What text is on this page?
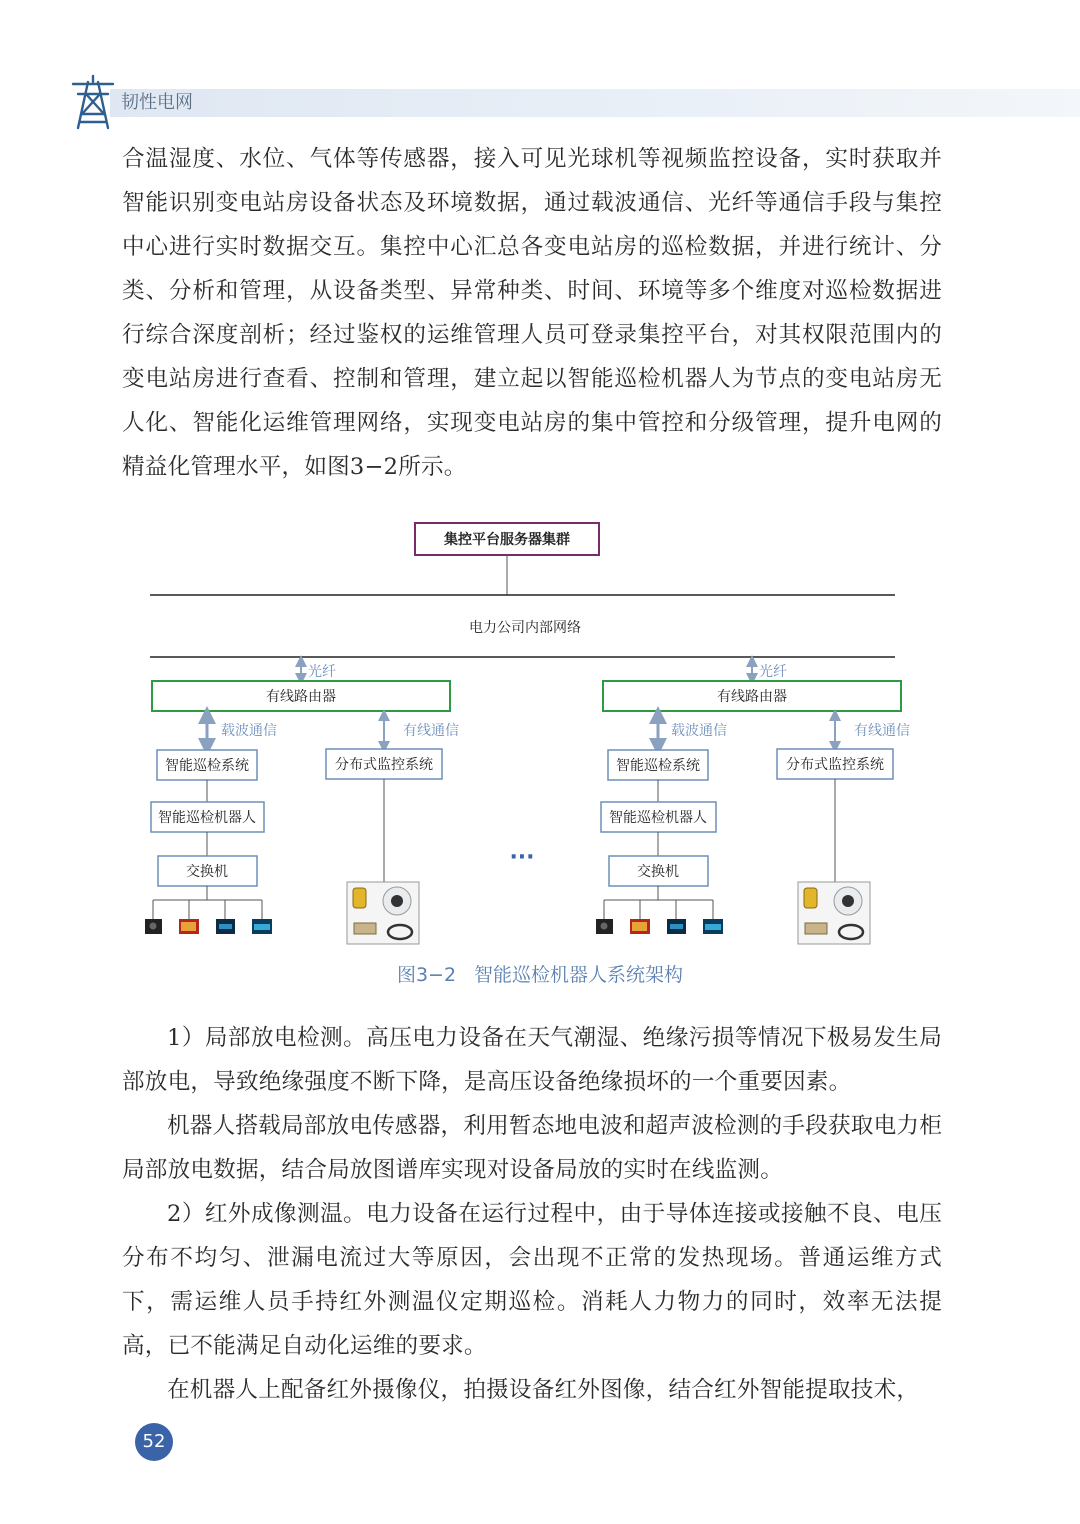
韧性电网

合温湿度、水位、气体等传感器，接入可见光球机等视频监控设备，实时获取并智能识别变电站房设备状态及环境数据，通过载波通信、光纤等通信手段与集控中心进行实时数据交互。集控中心汇总各变电站房的巡检数据，并进行统计、分类、分析和管理，从设备类型、异常种类、时间、环境等多个维度对巡检数据进行综合深度剖析；经过鉴权的运维管理人员可登录集控平台，对其权限范围内的变电站房进行查看、控制和管理，建立起以智能巡检机器人为节点的变电站房无人化、智能化运维管理网络，实现变电站房的集中管控和分级管理，提升电网的精益化管理水平，如图3−2所示。

集控平台服务器集群
电力公司内部网络
光纤
有线路由器
载波通信	有线通信
智能巡检系统	分布式监控系统
智能巡检机器人
交换机
···
光纤
有线路由器
载波通信	有线通信
智能巡检系统	分布式监控系统
智能巡检机器人
交换机
图3−2 智能巡检机器人系统架构

1）局部放电检测。高压电力设备在天气潮湿、绝缘污损等情况下极易发生局部放电，导致绝缘强度不断下降，是高压设备绝缘损坏的一个重要因素。

机器人搭载局部放电传感器，利用暂态地电波和超声波检测的手段获取电力柜局部放电数据，结合局放图谱库实现对设备局放的实时在线监测。

2）红外成像测温。电力设备在运行过程中，由于导体连接或接触不良、电压分布不均匀、泄漏电流过大等原因，会出现不正常的发热现场。普通运维方式下，需运维人员手持红外测温仪定期巡检。消耗人力物力的同时，效率无法提高，已不能满足自动化运维的要求。

在机器人上配备红外摄像仪，拍摄设备红外图像，结合红外智能提取技术，

52
